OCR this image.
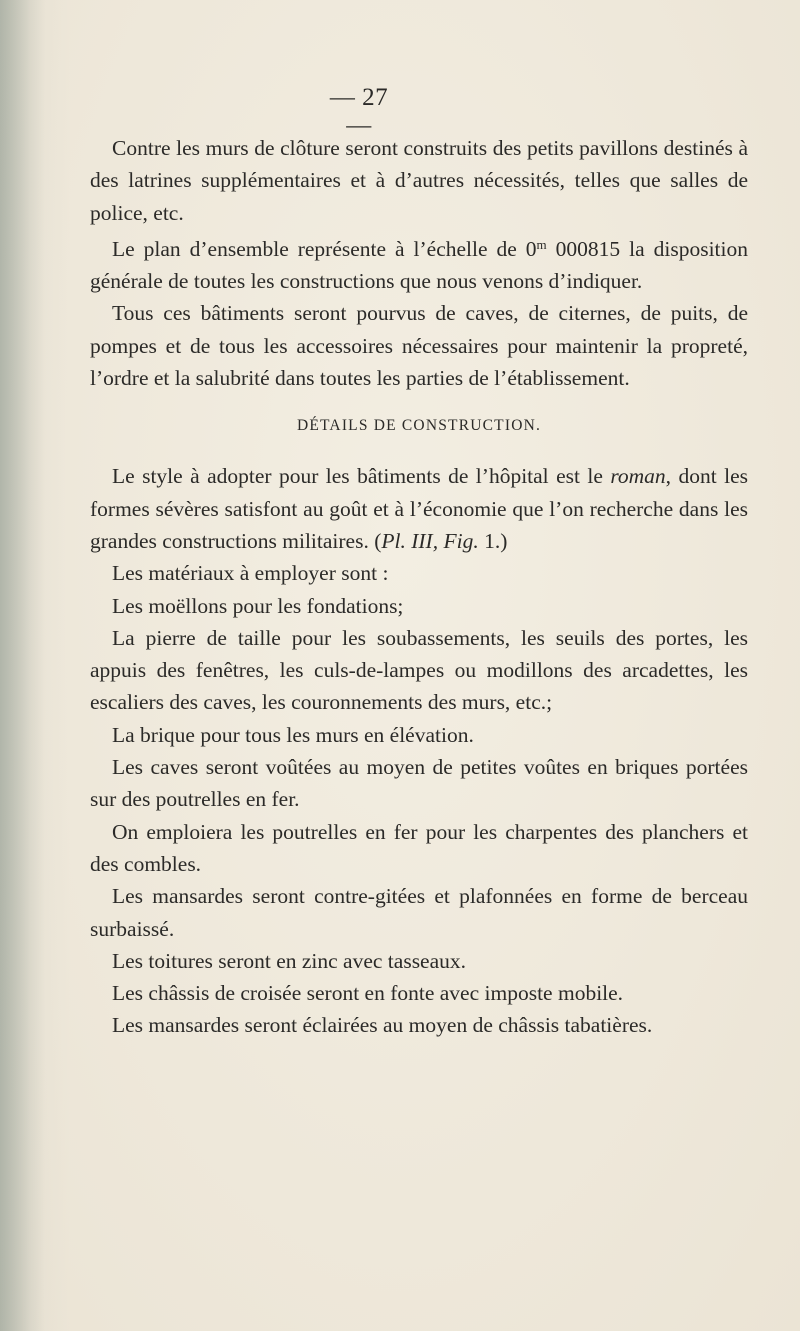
— 27 —

Contre les murs de clôture seront construits des petits pavillons destinés à des latrines supplémentaires et à d’autres nécessités, telles que salles de police, etc.

Le plan d’ensemble représente à l’échelle de 0$^m$ 000815 la disposition générale de toutes les constructions que nous venons d’indiquer.

Tous ces bâtiments seront pourvus de caves, de citernes, de puits, de pompes et de tous les accessoires nécessaires pour maintenir la propreté, l’ordre et la salubrité dans toutes les parties de l’établissement.

DÉTAILS DE CONSTRUCTION.

Le style à adopter pour les bâtiments de l’hôpital est le roman, dont les formes sévères satisfont au goût et à l’économie que l’on recherche dans les grandes constructions militaires. (Pl. III, Fig. 1.)

Les matériaux à employer sont :

Les moëllons pour les fondations;

La pierre de taille pour les soubassements, les seuils des portes, les appuis des fenêtres, les culs-de-lampes ou modillons des arcadettes, les escaliers des caves, les couronnements des murs, etc.;

La brique pour tous les murs en élévation.

Les caves seront voûtées au moyen de petites voûtes en briques portées sur des poutrelles en fer.

On emploiera les poutrelles en fer pour les charpentes des planchers et des combles.

Les mansardes seront contre-gitées et plafonnées en forme de berceau surbaissé.

Les toitures seront en zinc avec tasseaux.

Les châssis de croisée seront en fonte avec imposte mobile.

Les mansardes seront éclairées au moyen de châssis tabatières.
